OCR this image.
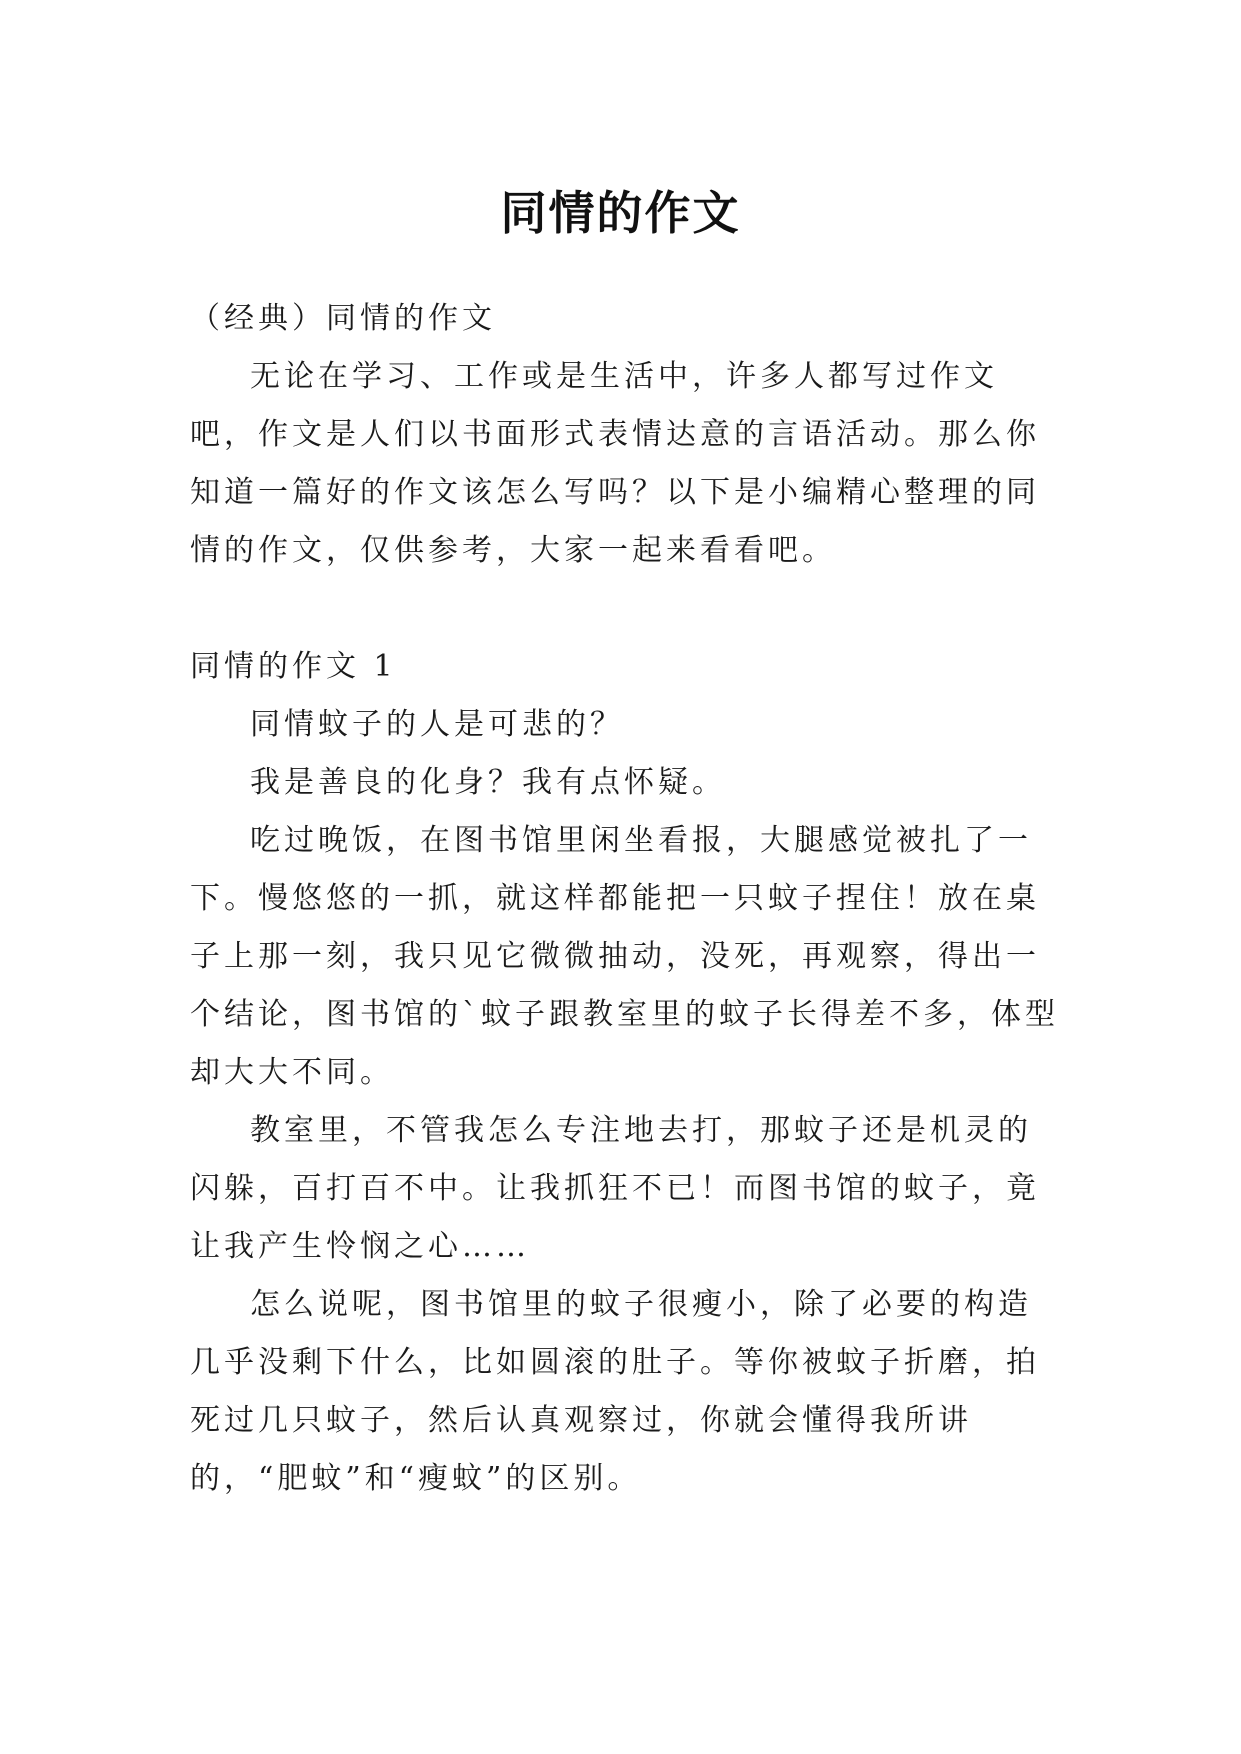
同情的作文

（经典）同情的作文

无论在学习、工作或是生活中，许多人都写过作文吧，作文是人们以书面形式表情达意的言语活动。那么你知道一篇好的作文该怎么写吗？以下是小编精心整理的同情的作文，仅供参考，大家一起来看看吧。

同情的作文 1

同情蚊子的人是可悲的？

我是善良的化身？我有点怀疑。

吃过晚饭，在图书馆里闲坐看报，大腿感觉被扎了一下。慢悠悠的一抓，就这样都能把一只蚊子捏住！放在桌子上那一刻，我只见它微微抽动，没死，再观察，得出一个结论，图书馆的`蚊子跟教室里的蚊子长得差不多，体型却大大不同。

教室里，不管我怎么专注地去打，那蚊子还是机灵的闪躲，百打百不中。让我抓狂不已！而图书馆的蚊子，竟让我产生怜悯之心……

怎么说呢，图书馆里的蚊子很瘦小，除了必要的构造几乎没剩下什么，比如圆滚的肚子。等你被蚊子折磨，拍死过几只蚊子，然后认真观察过，你就会懂得我所讲的，“肥蚊”和“瘦蚊”的区别。
